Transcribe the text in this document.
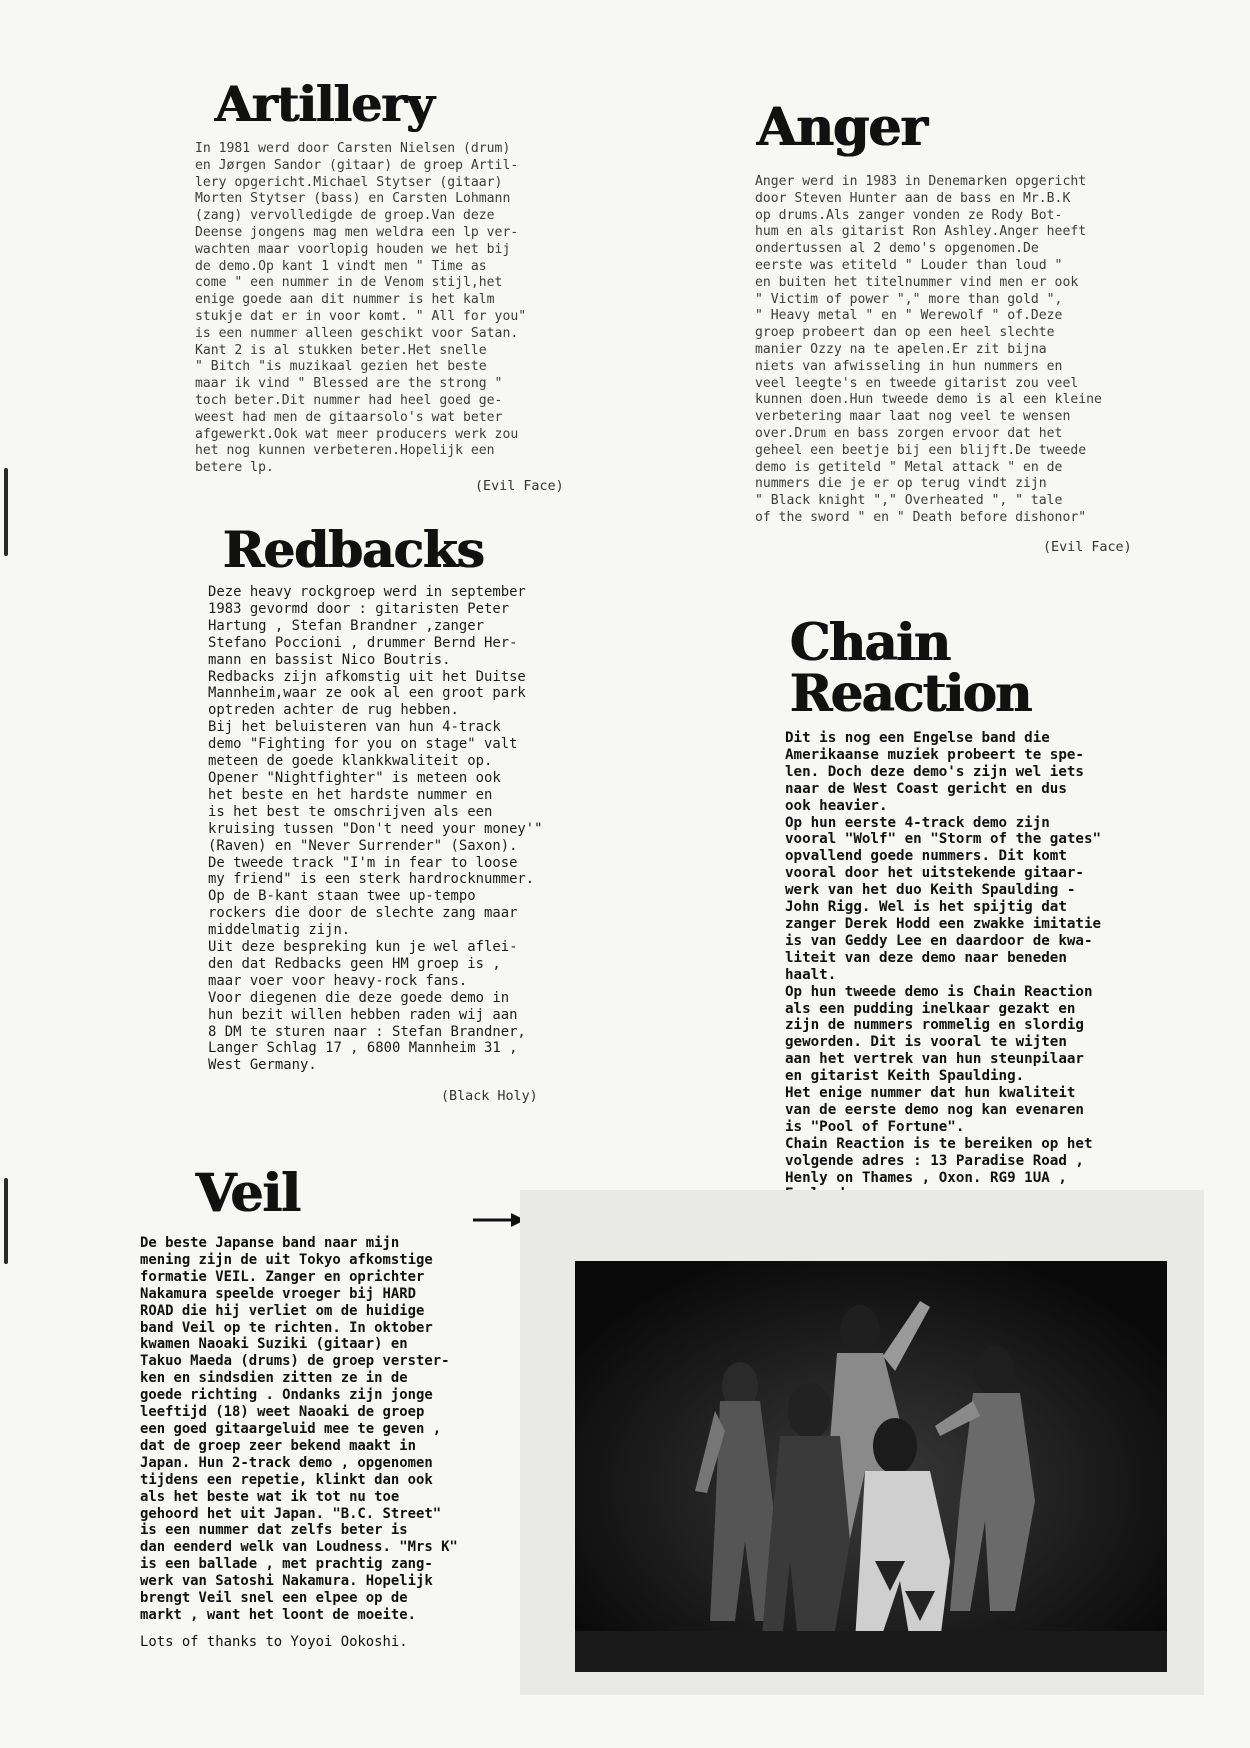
Artillery

In 1981 werd door Carsten Nielsen (drum)
en Jørgen Sandor (gitaar) de groep Artil-
lery opgericht.Michael Stytser (gitaar)
Morten Stytser (bass) en Carsten Lohmann
(zang) vervolledigde de groep.Van deze
Deense jongens mag men weldra een lp ver-
wachten maar voorlopig houden we het bij
de demo.Op kant 1 vindt men " Time as
come " een nummer in de Venom stijl,het
enige goede aan dit nummer is het kalm
stukje dat er in voor komt. " All for you"
is een nummer alleen geschikt voor Satan.
Kant 2 is al stukken beter.Het snelle
" Bitch "is muzikaal gezien het beste
maar ik vind " Blessed are the strong "
toch beter.Dit nummer had heel goed ge-
weest had men de gitaarsolo's wat beter
afgewerkt.Ook wat meer producers werk zou
het nog kunnen verbeteren.Hopelijk een
betere lp.

(Evil Face)
Anger

Anger werd in 1983 in Denemarken opgericht
door Steven Hunter aan de bass en Mr.B.K
op drums.Als zanger vonden ze Rody Bot-
hum en als gitarist Ron Ashley.Anger heeft
ondertussen al 2 demo's opgenomen.De
eerste was etiteld " Louder than loud "
en buiten het titelnummer vind men er ook
" Victim of power "," more than gold ",
" Heavy metal " en " Werewolf " of.Deze
groep probeert dan op een heel slechte
manier Ozzy na te apelen.Er zit bijna
niets van afwisseling in hun nummers en
veel leegte's en tweede gitarist zou veel
kunnen doen.Hun tweede demo is al een kleine
verbetering maar laat nog veel te wensen
over.Drum en bass zorgen ervoor dat het
geheel een beetje bij een blijft.De tweede
demo is getiteld " Metal attack " en de
nummers die je er op terug vindt zijn
" Black knight "," Overheated ", " tale
of the sword " en " Death before dishonor"

(Evil Face)
Redbacks

Deze heavy rockgroep werd in september
1983 gevormd door : gitaristen Peter
Hartung , Stefan Brandner ,zanger
Stefano Poccioni , drummer Bernd Her-
mann en bassist Nico Boutris.
Redbacks zijn afkomstig uit het Duitse
Mannheim,waar ze ook al een groot park
optreden achter de rug hebben.
Bij het beluisteren van hun 4-track
demo "Fighting for you on stage" valt
meteen de goede klankkwaliteit op.
Opener "Nightfighter" is meteen ook
het beste en het hardste nummer en
is het best te omschrijven als een
kruising tussen "Don't need your money'"
(Raven) en "Never Surrender" (Saxon).
De tweede track "I'm in fear to loose
my friend" is een sterk hardrocknummer.
Op de B-kant staan twee up-tempo
rockers die door de slechte zang maar
middelmatig zijn.
Uit deze bespreking kun je wel aflei-
den dat Redbacks geen HM groep is ,
maar voer voor heavy-rock fans.
Voor diegenen die deze goede demo in
hun bezit willen hebben raden wij aan
8 DM te sturen naar : Stefan Brandner,
Langer Schlag 17 , 6800 Mannheim 31 ,
West Germany.

(Black Holy)
Chain Reaction

Dit is nog een Engelse band die
Amerikaanse muziek probeert te spe-
len. Doch deze demo's zijn wel iets
naar de West Coast gericht en dus
ook heavier.
Op hun eerste 4-track demo zijn
vooral "Wolf" en "Storm of the gates"
opvallend goede nummers. Dit komt
vooral door het uitstekende gitaar-
werk van het duo Keith Spaulding -
John Rigg. Wel is het spijtig dat
zanger Derek Hodd een zwakke imitatie
is van Geddy Lee en daardoor de kwa-
liteit van deze demo naar beneden
haalt.
Op hun tweede demo is Chain Reaction
als een pudding inelkaar gezakt en
zijn de nummers rommelig en slordig
geworden. Dit is vooral te wijten
aan het vertrek van hun steunpilaar
en gitarist Keith Spaulding.
Het enige nummer dat hun kwaliteit
van de eerste demo nog kan evenaren
is "Pool of Fortune".
Chain Reaction is te bereiken op het
volgende adres : 13 Paradise Road ,
Henly on Thames , Oxon. RG9 1UA ,

Veil

De beste Japanse band naar mijn
mening zijn de uit Tokyo afkomstige
formatie VEIL. Zanger en oprichter
Nakamura speelde vroeger bij HARD
ROAD die hij verliet om de huidige
band Veil op te richten. In oktober
kwamen Naoaki Suziki (gitaar) en
Takuo Maeda (drums) de groep verster-
ken en sindsdien zitten ze in de
goede richting . Ondanks zijn jonge
leeftijd (18) weet Naoaki de groep
een goed gitaargeluid mee te geven ,
dat de groep zeer bekend maakt in
Japan. Hun 2-track demo , opgenomen
tijdens een repetie, klinkt dan ook
als het beste wat ik tot nu toe
gehoord het uit Japan. "B.C. Street"
is een nummer dat zelfs beter is
dan eenderd welk van Loudness. "Mrs K"
is een ballade , met prachtig zang-
werk van Satoshi Nakamura. Hopelijk
brengt Veil snel een elpee op de
markt , want het loont de moeite.

Lots of thanks to Yoyoi Ookoshi.
